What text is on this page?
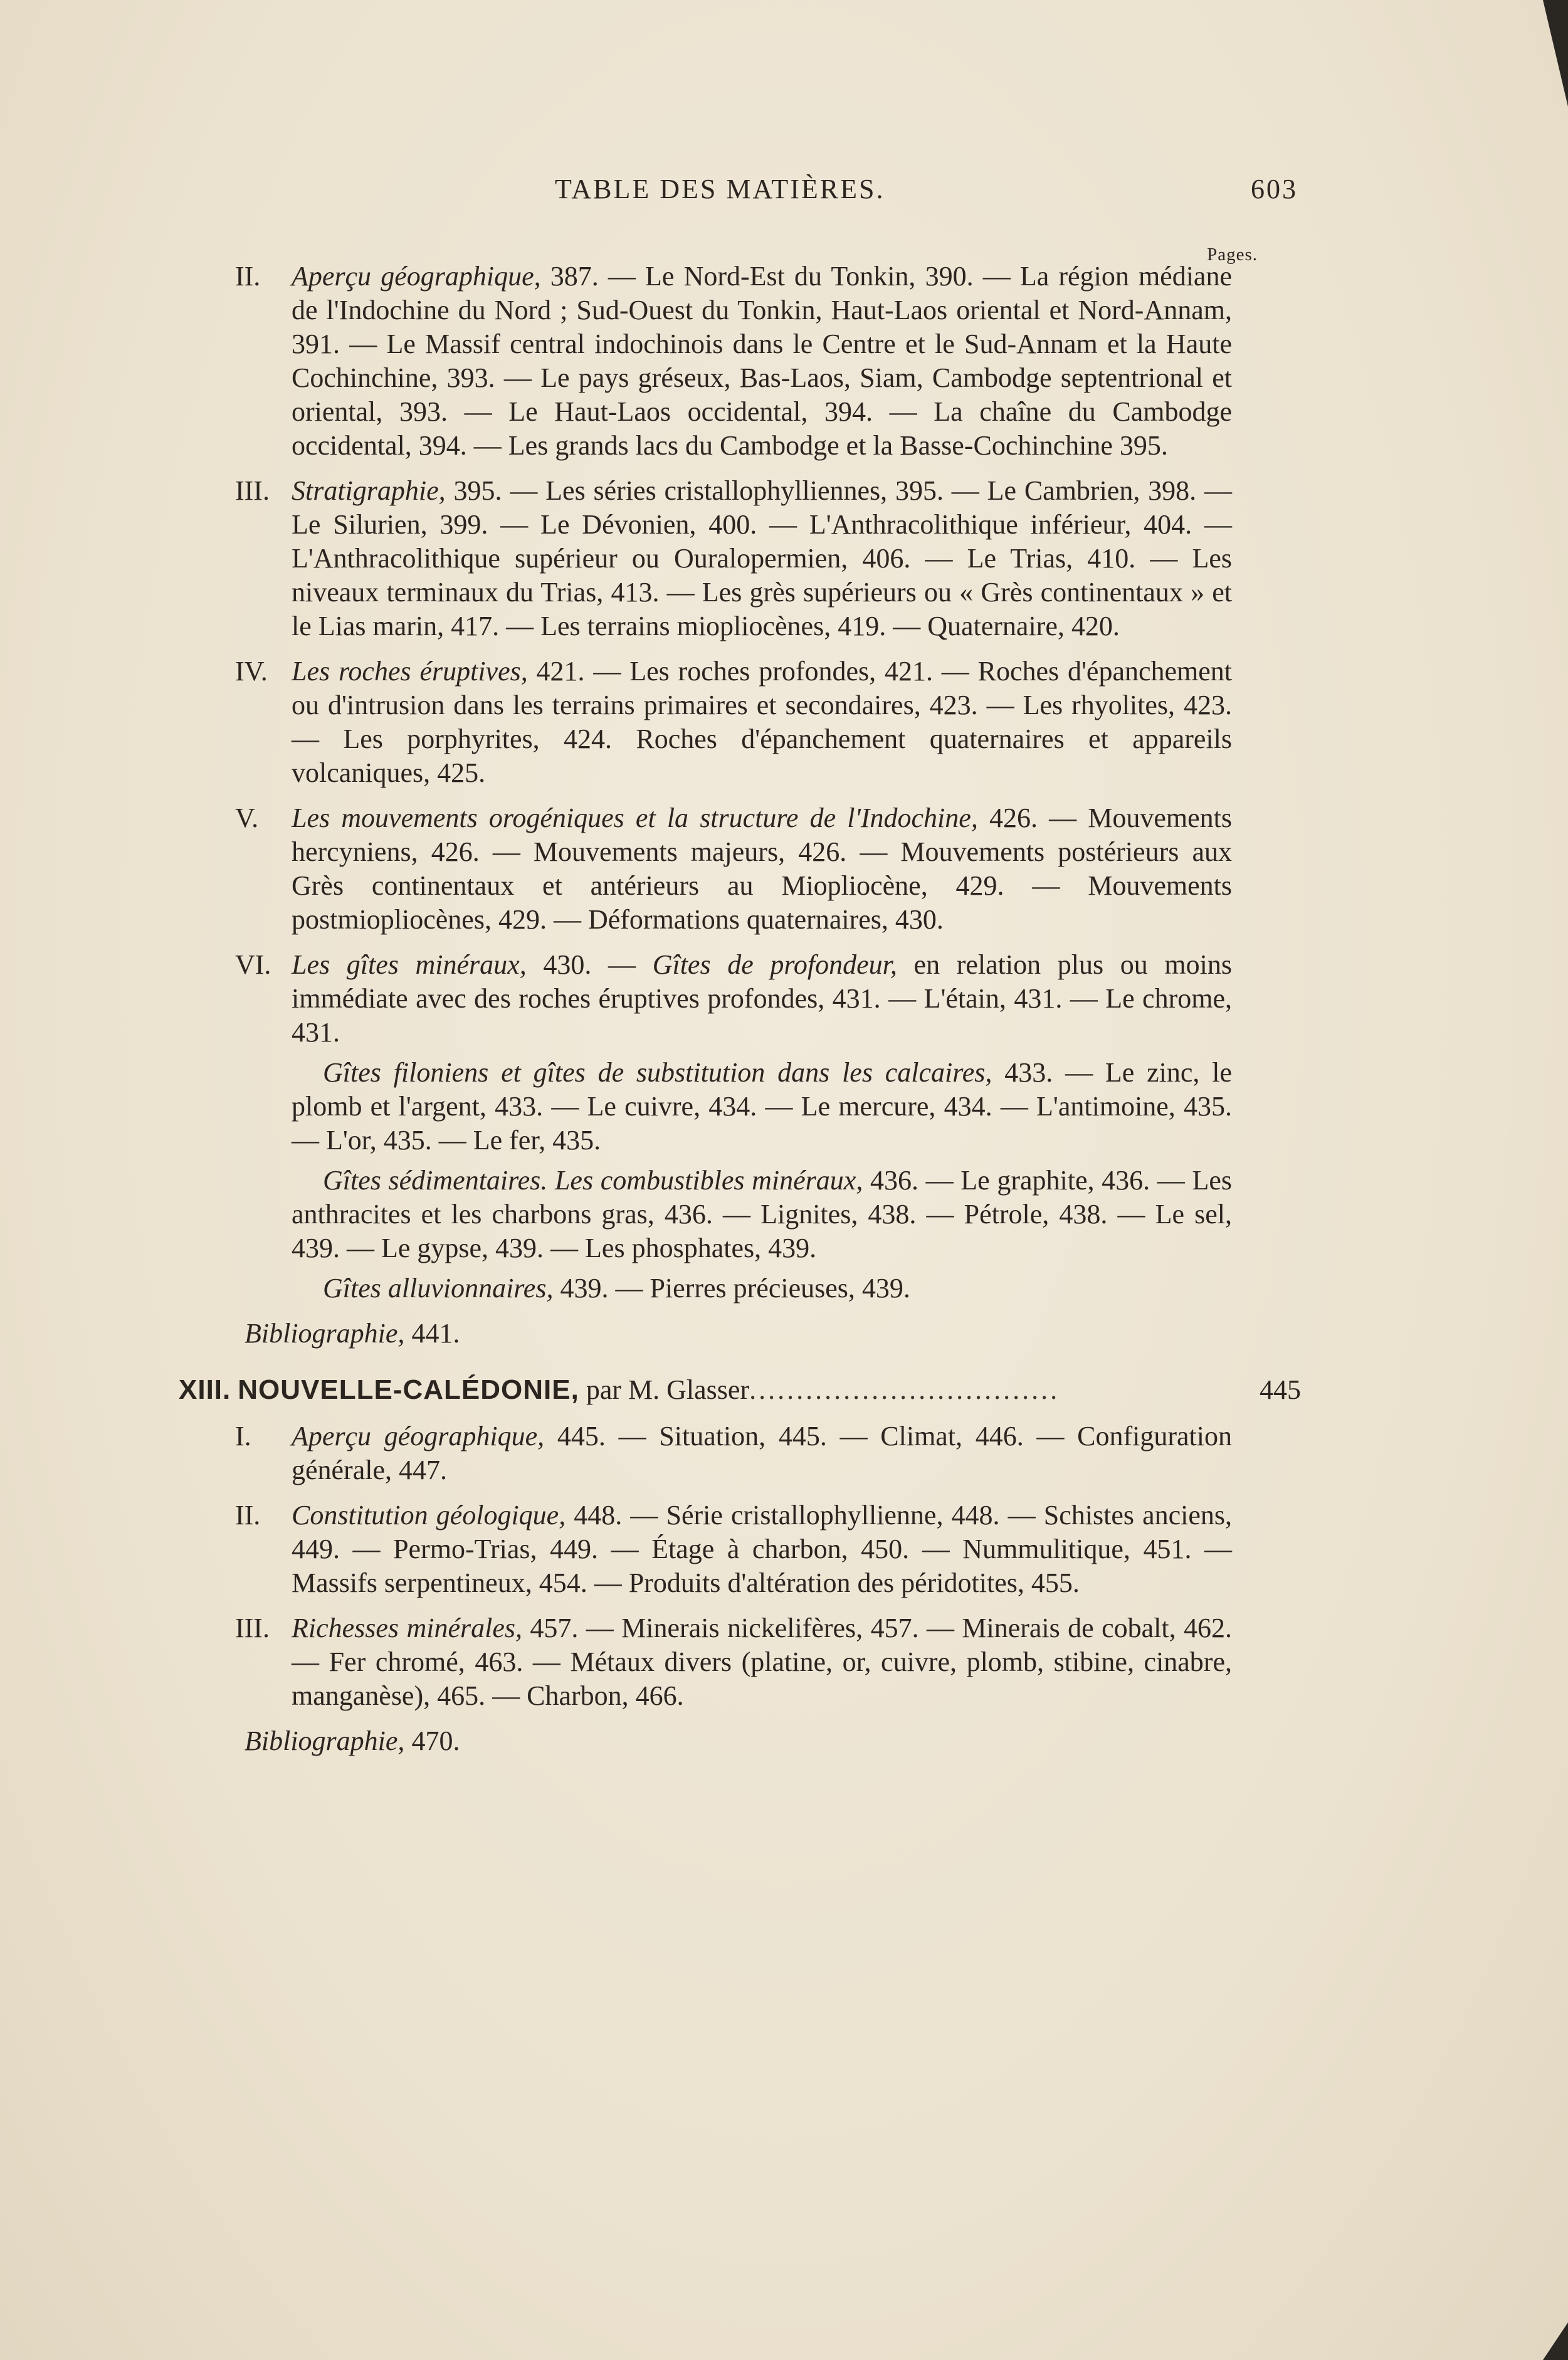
TABLE DES MATIÈRES.	603
Pages.
II. Aperçu géographique, 387. — Le Nord-Est du Tonkin, 390. — La région médiane de l'Indochine du Nord ; Sud-Ouest du Tonkin, Haut-Laos oriental et Nord-Annam, 391. — Le Massif central indochinois dans le Centre et le Sud-Annam et la Haute Cochinchine, 393. — Le pays gréseux, Bas-Laos, Siam, Cambodge septentrional et oriental, 393. — Le Haut-Laos occidental, 394. — La chaîne du Cambodge occidental, 394. — Les grands lacs du Cambodge et la Basse-Cochinchine 395.
III. Stratigraphie, 395. — Les séries cristallophylliennes, 395. — Le Cambrien, 398. — Le Silurien, 399. — Le Dévonien, 400. — L'Anthracolithique inférieur, 404. — L'Anthracolithique supérieur ou Ouralopermien, 406. — Le Trias, 410. — Les niveaux terminaux du Trias, 413. — Les grès supérieurs ou « Grès continentaux » et le Lias marin, 417. — Les terrains miopliocènes, 419. — Quaternaire, 420.
IV. Les roches éruptives, 421. — Les roches profondes, 421. — Roches d'épanchement ou d'intrusion dans les terrains primaires et secondaires, 423. — Les rhyolites, 423. — Les porphyrites, 424. Roches d'épanchement quaternaires et appareils volcaniques, 425.
V. Les mouvements orogéniques et la structure de l'Indochine, 426. — Mouvements hercyniens, 426. — Mouvements majeurs, 426. — Mouvements postérieurs aux Grès continentaux et antérieurs au Miopliocène, 429. — Mouvements postmiopliocènes, 429. — Déformations quaternaires, 430.
VI. Les gîtes minéraux, 430. — Gîtes de profondeur, en relation plus ou moins immédiate avec des roches éruptives profondes, 431. — L'étain, 431. — Le chrome, 431.
Gîtes filoniens et gîtes de substitution dans les calcaires, 433. — Le zinc, le plomb et l'argent, 433. — Le cuivre, 434. — Le mercure, 434. — L'antimoine, 435. — L'or, 435. — Le fer, 435.
Gîtes sédimentaires. Les combustibles minéraux, 436. — Le graphite, 436. — Les anthracites et les charbons gras, 436. — Lignites, 438. — Pétrole, 438. — Le sel, 439. — Le gypse, 439. — Les phosphates, 439.
Gîtes alluvionnaires, 439. — Pierres précieuses, 439.
Bibliographie, 441.
XIII. NOUVELLE-CALÉDONIE, par M. Glasser.................................	445
I. Aperçu géographique, 445. — Situation, 445. — Climat, 446. — Configuration générale, 447.
II. Constitution géologique, 448. — Série cristallophyllienne, 448. — Schistes anciens, 449. — Permo-Trias, 449. — Étage à charbon, 450. — Nummulitique, 451. — Massifs serpentineux, 454. — Produits d'altération des péridotites, 455.
III. Richesses minérales, 457. — Minerais nickelifères, 457. — Minerais de cobalt, 462. — Fer chromé, 463. — Métaux divers (platine, or, cuivre, plomb, stibine, cinabre, manganèse), 465. — Charbon, 466.
Bibliographie, 470.
